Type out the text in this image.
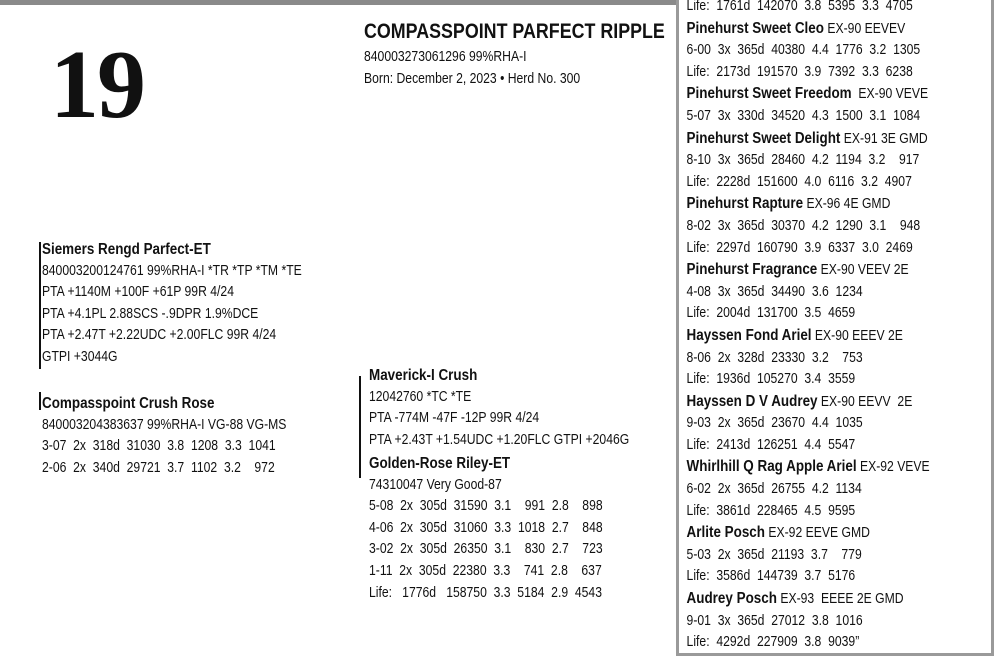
19	COMPASSPOINT PARFECT RIPPLE
840003273061296 99%RHA-I
Born: December 2, 2023 • Herd No. 300
Siemers Rengd Parfect-ET
840003200124761 99%RHA-I *TR *TP *TM *TE
PTA +1140M +100F +61P 99R 4/24
PTA +4.1PL 2.88SCS -.9DPR 1.9%DCE
PTA +2.47T +2.22UDC +2.00FLC 99R 4/24
GTPI +3044G
Compasspoint Crush Rose
840003204383637 99%RHA-I VG-88 VG-MS
3-07  2x  318d  31030  3.8  1208  3.3  1041
2-06  2x  340d  29721  3.7  1102  3.2    972
Maverick-I Crush
12042760 *TC *TE
PTA -774M -47F -12P 99R 4/24
PTA +2.43T +1.54UDC +1.20FLC GTPI +2046G
Golden-Rose Riley-ET
74310047 Very Good-87
5-08  2x  305d  31590  3.1    991  2.8    898
4-06  2x  305d  31060  3.3  1018  2.7    848
3-02  2x  305d  26350  3.1    830  2.7    723
1-11  2x  305d  22380  3.3    741  2.8    637
Life:   1776d   158750  3.3  5184  2.9  4543
Life:  1761d  142070  3.8  5395  3.3  4705
Pinehurst Sweet Cleo EX-90 EEVEV
6-00  3x  365d  40380  4.4  1776  3.2  1305
Life:  2173d  191570  3.9  7392  3.3  6238
Pinehurst Sweet Freedom  EX-90 VEVE
5-07  3x  330d  34520  4.3  1500  3.1  1084
Pinehurst Sweet Delight EX-91 3E GMD
8-10  3x  365d  28460  4.2  1194  3.2    917
Life:  2228d  151600  4.0  6116  3.2  4907
Pinehurst Rapture EX-96 4E GMD
8-02  3x  365d  30370  4.2  1290  3.1    948
Life:  2297d  160790  3.9  6337  3.0  2469
Pinehurst Fragrance EX-90 VEEV 2E
4-08  3x  365d  34490  3.6  1234
Life:  2004d  131700  3.5  4659
Hayssen Fond Ariel EX-90 EEEV 2E
8-06  2x  328d  23330  3.2    753
Life:  1936d  105270  3.4  3559
Hayssen D V Audrey EX-90 EEVV  2E
9-03  2x  365d  23670  4.4  1035
Life:  2413d  126251  4.4  5547
Whirlhill Q Rag Apple Ariel EX-92 VEVE
6-02  2x  365d  26755  4.2  1134
Life:  3861d  228465  4.5  9595
Arlite Posch EX-92 EEVE GMD
5-03  2x  365d  21193  3.7    779
Life:  3586d  144739  3.7  5176
Audrey Posch EX-93  EEEE 2E GMD
9-01  3x  365d  27012  3.8  1016
Life:  4292d  227909  3.8  9039”
